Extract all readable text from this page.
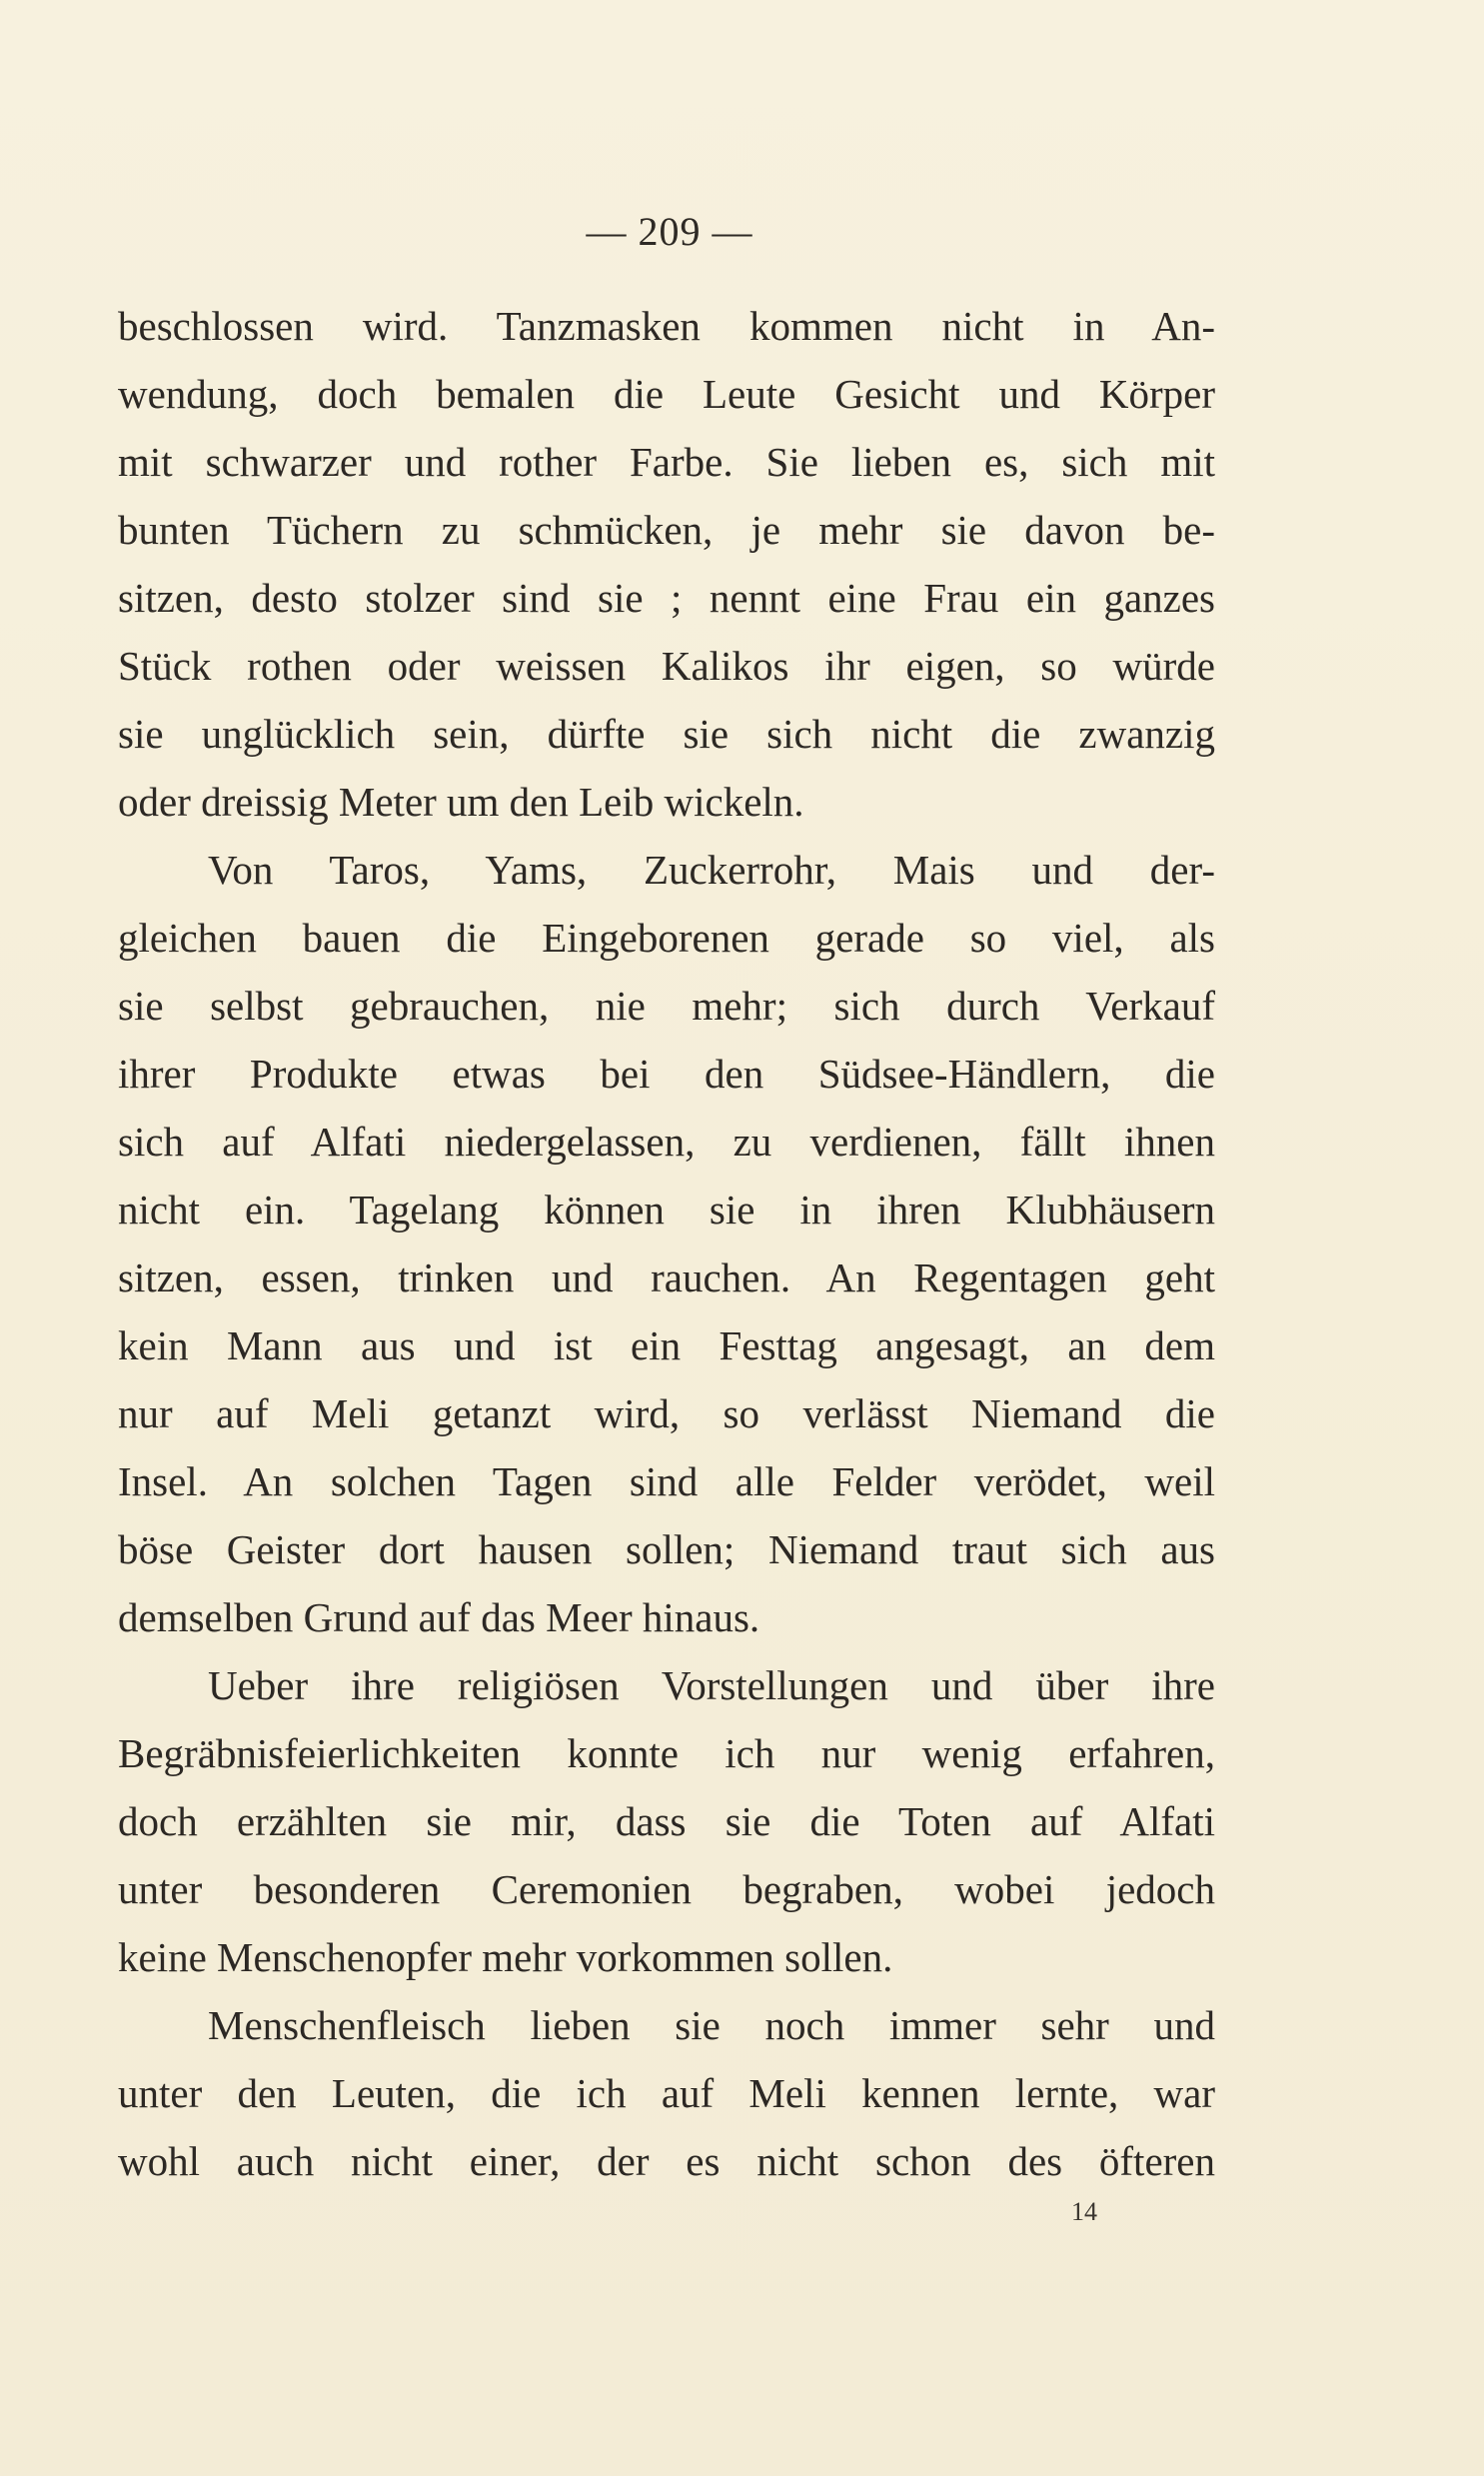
— 209 —
beschlossen wird. Tanzmasken kommen nicht in An-
wendung, doch bemalen die Leute Gesicht und Körper
mit schwarzer und rother Farbe. Sie lieben es, sich mit
bunten Tüchern zu schmücken, je mehr sie davon be-
sitzen, desto stolzer sind sie ; nennt eine Frau ein ganzes
Stück rothen oder weissen Kalikos ihr eigen, so würde
sie unglücklich sein, dürfte sie sich nicht die zwanzig
oder dreissig Meter um den Leib wickeln.
Von Taros, Yams, Zuckerrohr, Mais und der-
gleichen bauen die Eingeborenen gerade so viel, als
sie selbst gebrauchen, nie mehr; sich durch Verkauf
ihrer Produkte etwas bei den Südsee-Händlern, die
sich auf Alfati niedergelassen, zu verdienen, fällt ihnen
nicht ein. Tagelang können sie in ihren Klubhäusern
sitzen, essen, trinken und rauchen. An Regentagen geht
kein Mann aus und ist ein Festtag angesagt, an dem
nur auf Meli getanzt wird, so verlässt Niemand die
Insel. An solchen Tagen sind alle Felder verödet, weil
böse Geister dort hausen sollen; Niemand traut sich aus
demselben Grund auf das Meer hinaus.
Ueber ihre religiösen Vorstellungen und über ihre
Begräbnisfeierlichkeiten konnte ich nur wenig erfahren,
doch erzählten sie mir, dass sie die Toten auf Alfati
unter besonderen Ceremonien begraben, wobei jedoch
keine Menschenopfer mehr vorkommen sollen.
Menschenfleisch lieben sie noch immer sehr und
unter den Leuten, die ich auf Meli kennen lernte, war
wohl auch nicht einer, der es nicht schon des öfteren
14
